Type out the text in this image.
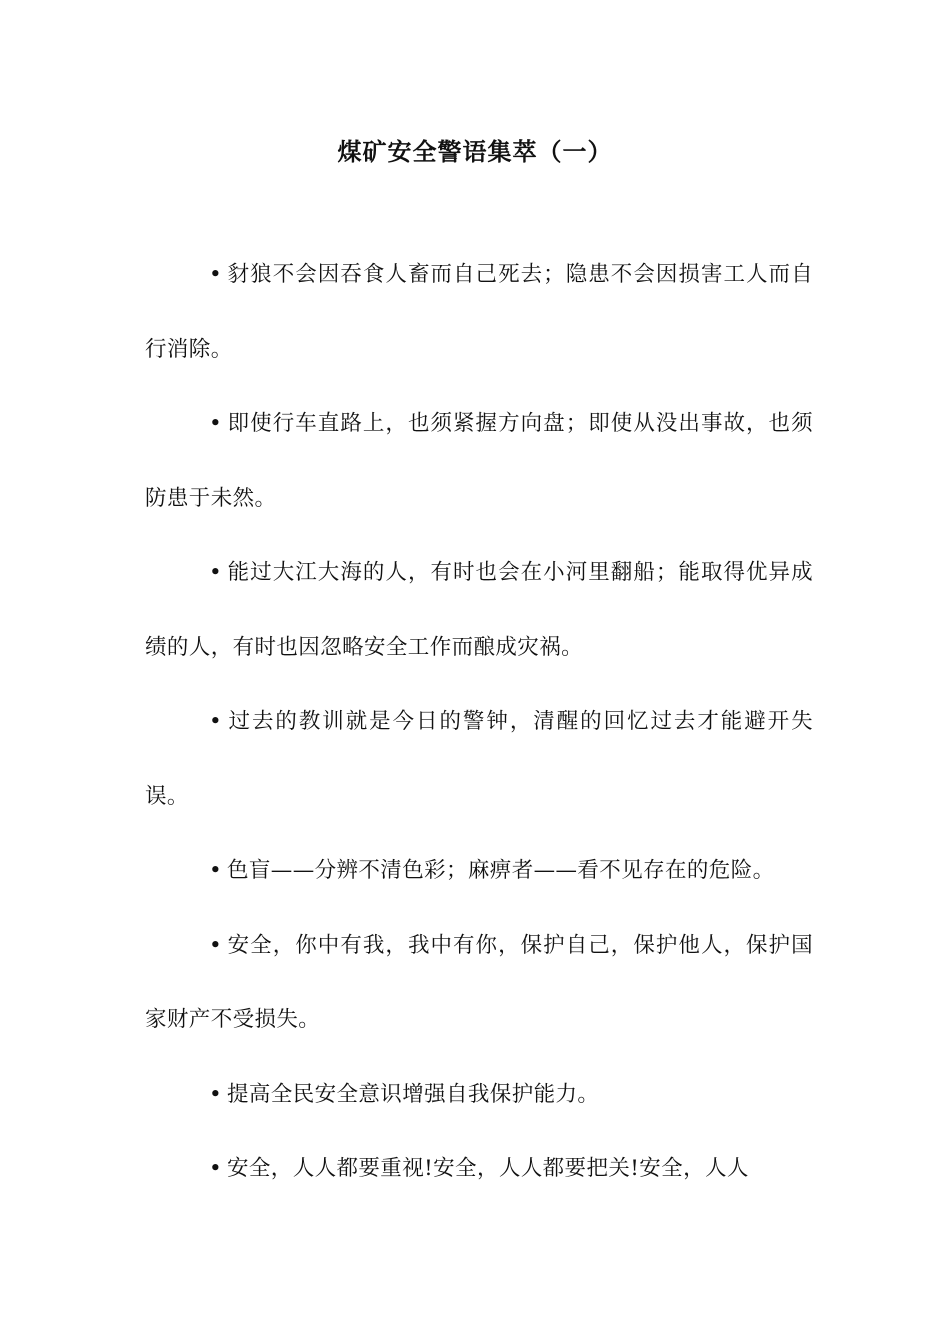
煤矿安全警语集萃（一）

• 豺狼不会因吞食人畜而自己死去；隐患不会因损害工人而自行消除。

• 即使行车直路上，也须紧握方向盘；即使从没出事故，也须防患于未然。

• 能过大江大海的人，有时也会在小河里翻船；能取得优异成绩的人，有时也因忽略安全工作而酿成灾祸。

• 过去的教训就是今日的警钟，清醒的回忆过去才能避开失误。

• 色盲——分辨不清色彩；麻痹者——看不见存在的危险。

• 安全，你中有我，我中有你，保护自己，保护他人，保护国家财产不受损失。

• 提高全民安全意识增强自我保护能力。

• 安全，人人都要重视!安全，人人都要把关!安全，人人
